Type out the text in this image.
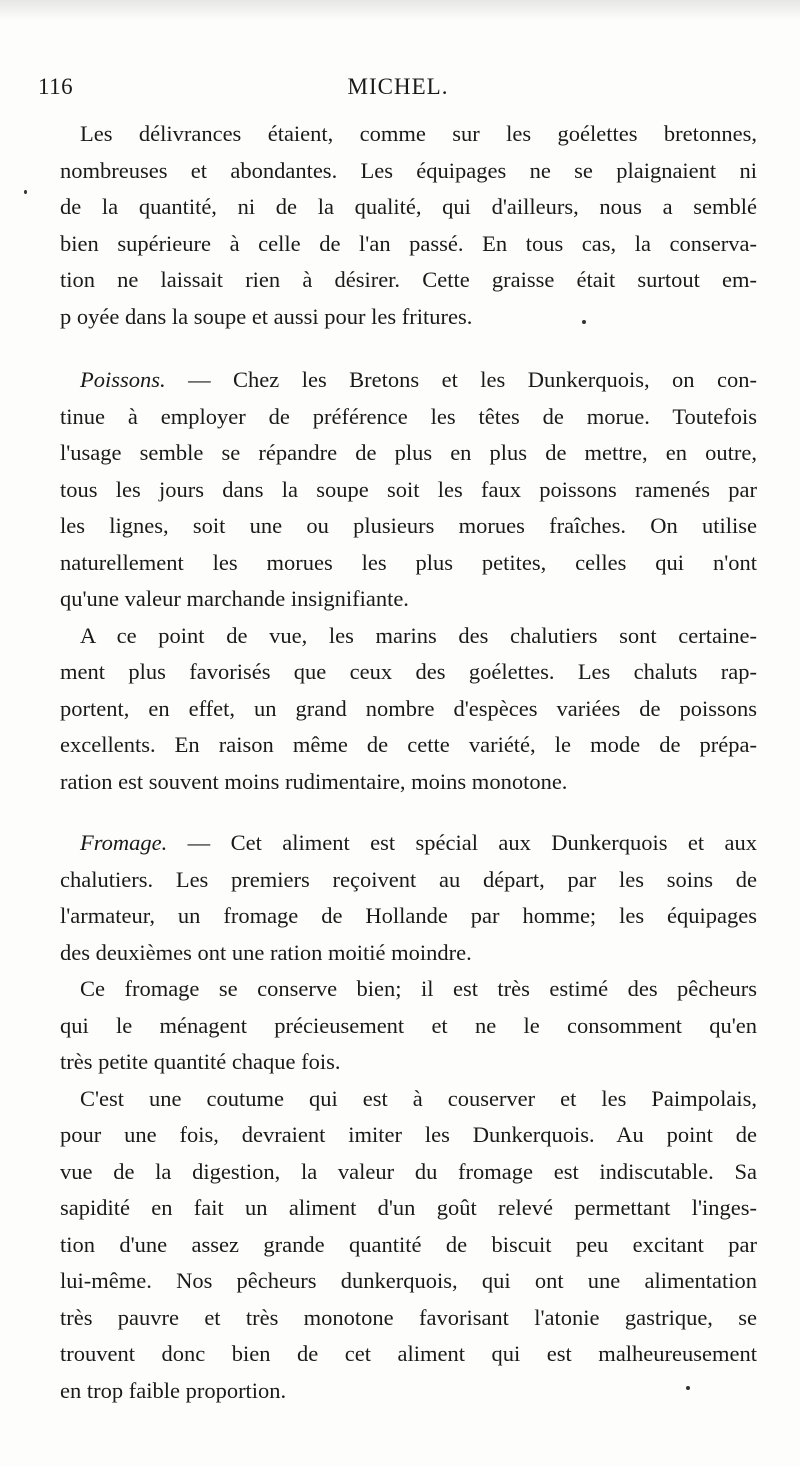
116	MICHEL.
Les délivrances étaient, comme sur les goélettes bretonnes,
nombreuses et abondantes. Les équipages ne se plaignaient ni
de la quantité, ni de la qualité, qui d'ailleurs, nous a semblé
bien supérieure à celle de l'an passé. En tous cas, la conserva-
tion ne laissait rien à désirer. Cette graisse était surtout em-
p oyée dans la soupe et aussi pour les fritures.
Poissons. — Chez les Bretons et les Dunkerquois, on con-
tinue à employer de préférence les têtes de morue. Toutefois
l'usage semble se répandre de plus en plus de mettre, en outre,
tous les jours dans la soupe soit les faux poissons ramenés par
les lignes, soit une ou plusieurs morues fraîches. On utilise
naturellement les morues les plus petites, celles qui n'ont
qu'une valeur marchande insignifiante.
A ce point de vue, les marins des chalutiers sont certaine-
ment plus favorisés que ceux des goélettes. Les chaluts rap-
portent, en effet, un grand nombre d'espèces variées de poissons
excellents. En raison même de cette variété, le mode de prépa-
ration est souvent moins rudimentaire, moins monotone.
Fromage. — Cet aliment est spécial aux Dunkerquois et aux
chalutiers. Les premiers reçoivent au départ, par les soins de
l'armateur, un fromage de Hollande par homme; les équipages
des deuxièmes ont une ration moitié moindre.
Ce fromage se conserve bien; il est très estimé des pêcheurs
qui le ménagent précieusement et ne le consomment qu'en
très petite quantité chaque fois.
C'est une coutume qui est à couserver et les Paimpolais,
pour une fois, devraient imiter les Dunkerquois. Au point de
vue de la digestion, la valeur du fromage est indiscutable. Sa
sapidité en fait un aliment d'un goût relevé permettant l'inges-
tion d'une assez grande quantité de biscuit peu excitant par
lui-même. Nos pêcheurs dunkerquois, qui ont une alimentation
très pauvre et très monotone favorisant l'atonie gastrique, se
trouvent donc bien de cet aliment qui est malheureusement
en trop faible proportion.
